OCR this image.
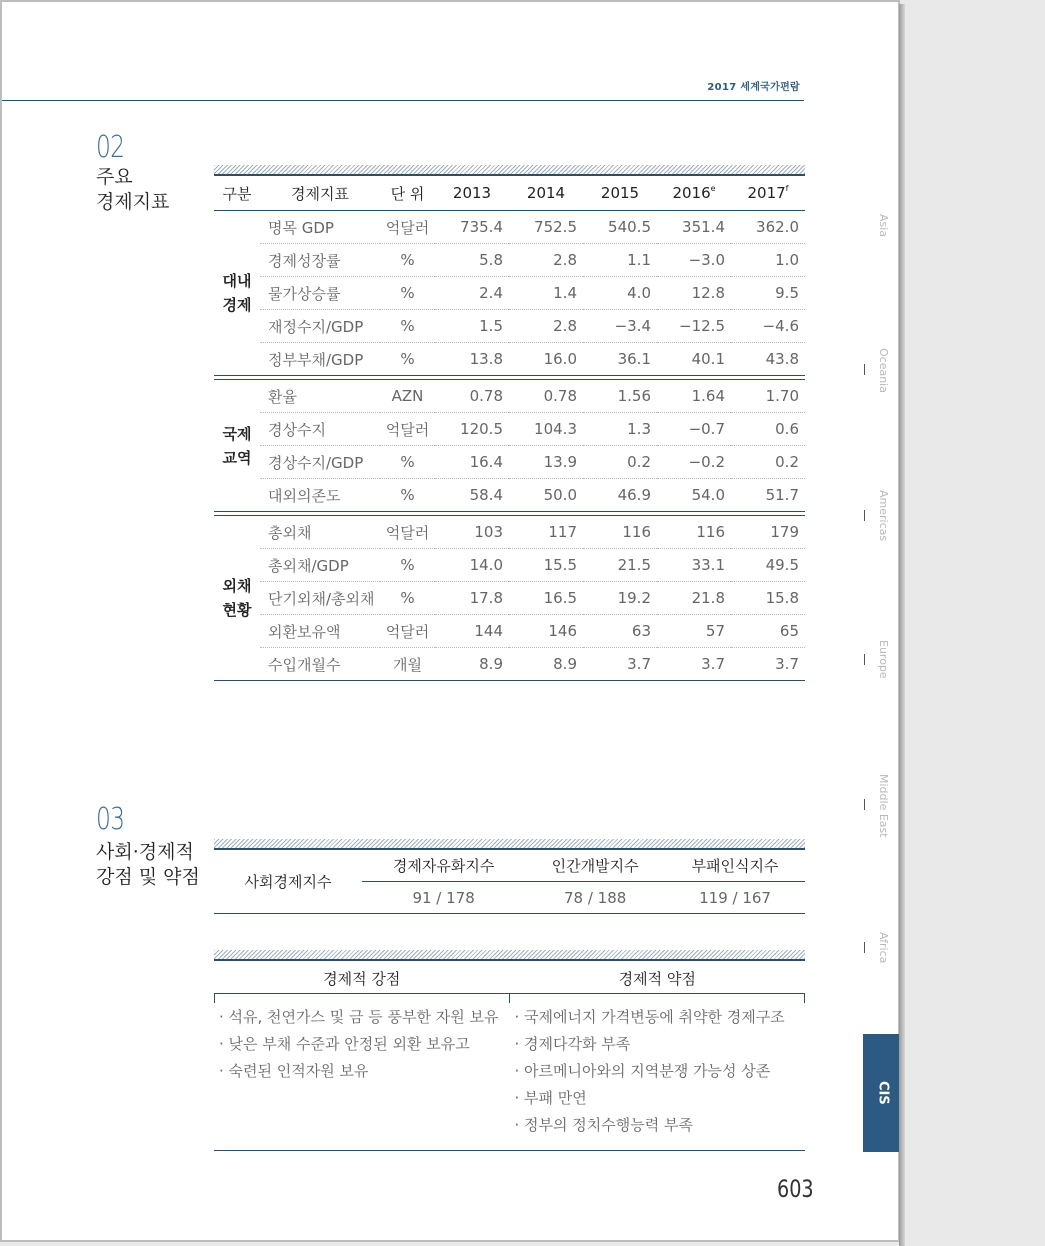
2017 세계국가편람
02
주요
경제지표	구분	경제지표	단 위	2013	2014	2015	2016e	2017$^f$
대내
경제	명목 GDP	억달러	735.4	752.5	540.5	351.4	362.0
	경제성장률	%	5.8	2.8	1.1	−3.0	1.0
	물가상승률	%	2.4	1.4	4.0	12.8	9.5
	재정수지/GDP	%	1.5	2.8	−3.4	−12.5	−4.6
	정부부채/GDP	%	13.8	16.0	36.1	40.1	43.8

국제
교역	환율	AZN	0.78	0.78	1.56	1.64	1.70
	경상수지	억달러	120.5	104.3	1.3	−0.7	0.6
	경상수지/GDP	%	16.4	13.9	0.2	−0.2	0.2
	대외의존도	%	58.4	50.0	46.9	54.0	51.7

외채
현황	총외채	억달러	103	117	116	116	179
	총외채/GDP	%	14.0	15.5	21.5	33.1	49.5
	단기외채/총외채	%	17.8	16.5	19.2	21.8	15.8
	외환보유액	억달러	144	146	63	57	65
	수입개월수	개월	8.9	8.9	3.7	3.7	3.7
03
사회·경제적
강점 및 약점	사회경제지수	경제자유화지수	인간개발지수	부패인식지수
	91 / 178	78 / 188	119 / 167
경제적 강점	경제적 약점
· 석유, 천연가스 및 금 등 풍부한 자원 보유
· 낮은 부채 수준과 안정된 외환 보유고
· 숙련된 인적자원 보유
· 국제에너지 가격변동에 취약한 경제구조
· 경제다각화 부족
· 아르메니아와의 지역분쟁 가능성 상존
· 부패 만연
· 정부의 정치수행능력 부족
603
Asia
Oceania
Americas
Europe
Middle East
Africa
CIS
